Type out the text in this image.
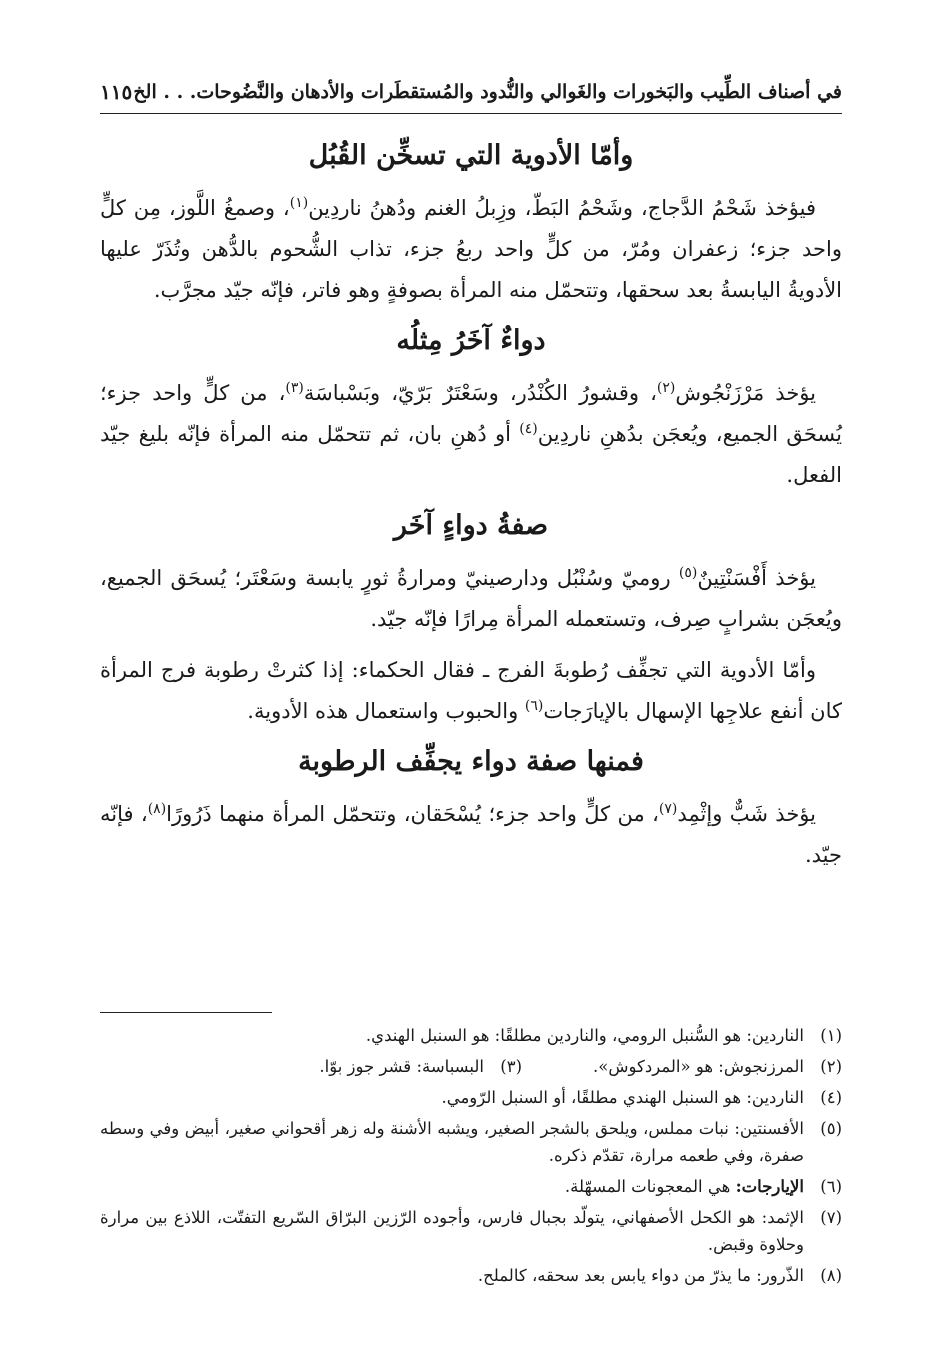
في أصناف الطِّيب والبَخورات والغَوالي والنُّدود والمُستقطَرات والأدهان والنَّضُوحات. . . الخ
١١٥
وأمّا الأدوية التي تسخِّن القُبُل

فيؤخذ شَحْمُ الدَّجاج، وشَحْمُ البَطّ، وزِبلُ الغنم ودُهنُ ناردِين$^{(١)}$، وصمغُ اللَّوز، مِن كلٍّ واحد جزء؛ زعفران ومُرّ، من كلٍّ واحد ربعُ جزء، تذاب الشُّحوم بالدُّهن وتُذَرّ عليها الأدويةُ اليابسةُ بعد سحقها، وتتحمّل منه المرأة بصوفةٍ وهو فاتر، فإنّه جيّد مجرَّب.

دواءٌ آخَرُ مِثلُه

يؤخذ مَرْزَنْجُوش$^{(٢)}$، وقشورُ الكُنْدُر، وسَعْتَرٌ بَرّيّ، وبَسْباسَة$^{(٣)}$، من كلٍّ واحد جزء؛ يُسحَق الجميع، ويُعجَن بدُهنِ ناردِين$^{(٤)}$ أو دُهنِ بان، ثم تتحمّل منه المرأة فإنّه بليغ جيّد الفعل.

صفةُ دواءٍ آخَر

يؤخذ أَفْسَنْتِينٌ$^{(٥)}$ روميّ وسُنْبُل ودارصينيّ ومرارةُ ثورٍ يابسة وسَعْتَر؛ يُسحَق الجميع، ويُعجَن بشرابٍ صِرف، وتستعمله المرأة مِرارًا فإنّه جيّد.

وأمّا الأدوية التي تجفِّف رُطوبةَ الفرج ـ فقال الحكماء: إذا كثرتْ رطوبة فرج المرأة كان أنفع علاجِها الإسهال بالإيارَجات$^{(٦)}$ والحبوب واستعمال هذه الأدوية.

فمنها صفة دواء يجفِّف الرطوبة

يؤخذ شَبٌّ وإثْمِد$^{(٧)}$، من كلٍّ واحد جزء؛ يُسْحَقان، وتتحمّل المرأة منهما ذَرُورًا$^{(٨)}$، فإنّه جيّد.

(١)
الناردين: هو السُّنبل الرومي، والناردين مطلقًا: هو السنبل الهندي.
(٢)
المرزنجوش: هو «المردكوش».
(٣)
البسباسة: قشر جوز بوّا.
(٤)
الناردين: هو السنبل الهندي مطلقًا، أو السنبل الرّومي.
(٥)
الأفسنتين: نبات مملس، ويلحق بالشجر الصغير، ويشبه الأشنة وله زهر أقحواني صغير، أبيض وفي وسطه صفرة، وفي طعمه مرارة، تقدّم ذكره.
(٦)
الإيارجات: هي المعجونات المسهّلة.
(٧)
الإثمد: هو الكحل الأصفهاني، يتولّد بجبال فارس، وأجوده الرّزين البرّاق السّريع التفتّت، اللاذع بين مرارة وحلاوة وقبض.
(٨)
الذّرور: ما يذرّ من دواء يابس بعد سحقه، كالملح.
